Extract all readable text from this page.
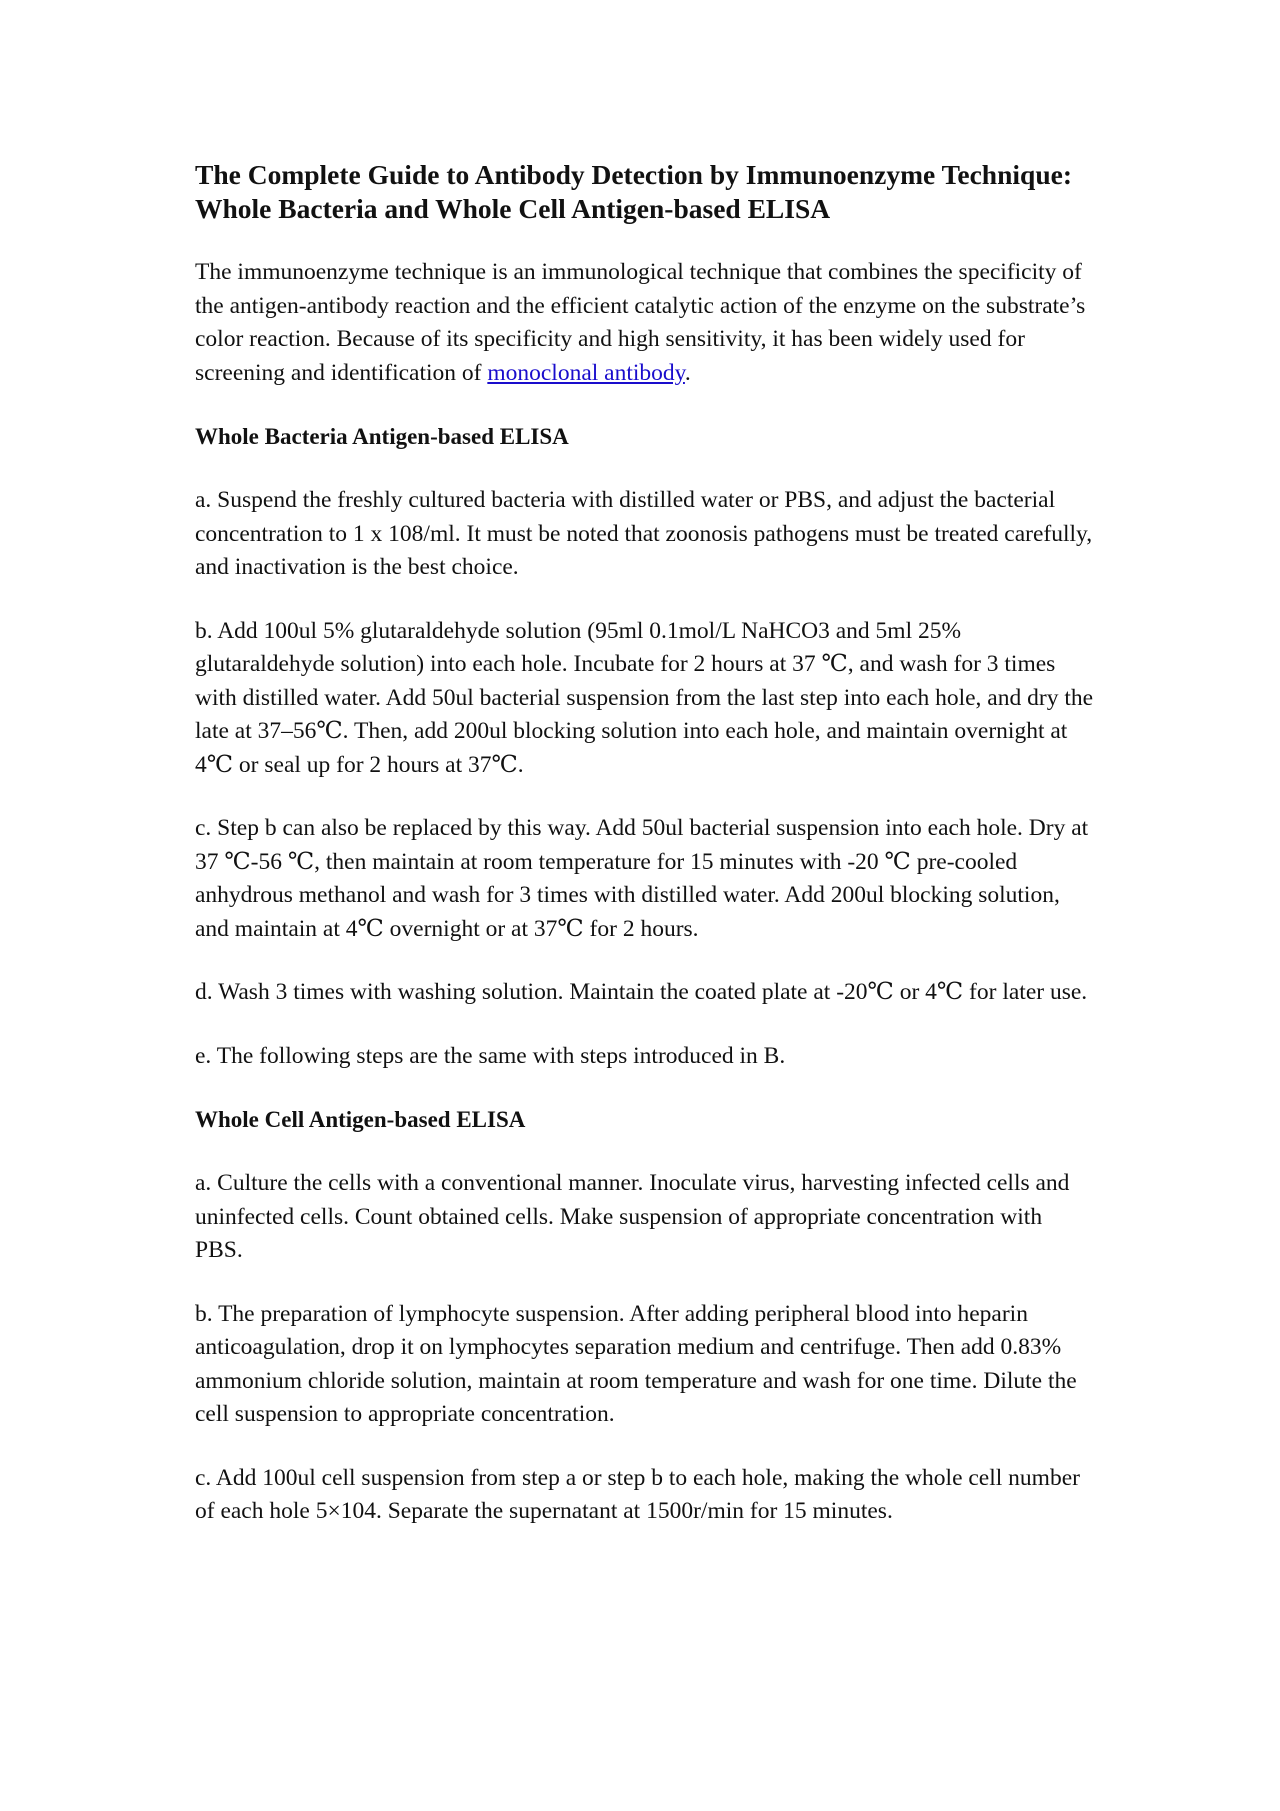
The Complete Guide to Antibody Detection by Immunoenzyme Technique: Whole Bacteria and Whole Cell Antigen-based ELISA

The immunoenzyme technique is an immunological technique that combines the specificity of the antigen-antibody reaction and the efficient catalytic action of the enzyme on the substrate’s color reaction. Because of its specificity and high sensitivity, it has been widely used for screening and identification of monoclonal antibody.

Whole Bacteria Antigen-based ELISA

a. Suspend the freshly cultured bacteria with distilled water or PBS, and adjust the bacterial concentration to 1 x 108/ml. It must be noted that zoonosis pathogens must be treated carefully, and inactivation is the best choice.

b. Add 100ul 5% glutaraldehyde solution (95ml 0.1mol/L NaHCO3 and 5ml 25% glutaraldehyde solution) into each hole. Incubate for 2 hours at 37 ℃, and wash for 3 times with distilled water. Add 50ul bacterial suspension from the last step into each hole, and dry the late at 37–56℃. Then, add 200ul blocking solution into each hole, and maintain overnight at 4℃ or seal up for 2 hours at 37℃.

c. Step b can also be replaced by this way. Add 50ul bacterial suspension into each hole. Dry at 37 ℃-56 ℃, then maintain at room temperature for 15 minutes with -20 ℃ pre-cooled anhydrous methanol and wash for 3 times with distilled water. Add 200ul blocking solution, and maintain at 4℃ overnight or at 37℃ for 2 hours.

d. Wash 3 times with washing solution. Maintain the coated plate at -20℃ or 4℃ for later use.

e. The following steps are the same with steps introduced in B.

Whole Cell Antigen-based ELISA

a. Culture the cells with a conventional manner. Inoculate virus, harvesting infected cells and uninfected cells. Count obtained cells. Make suspension of appropriate concentration with PBS.

b. The preparation of lymphocyte suspension. After adding peripheral blood into heparin anticoagulation, drop it on lymphocytes separation medium and centrifuge. Then add 0.83% ammonium chloride solution, maintain at room temperature and wash for one time. Dilute the cell suspension to appropriate concentration.

c. Add 100ul cell suspension from step a or step b to each hole, making the whole cell number of each hole 5×104. Separate the supernatant at 1500r/min for 15 minutes.
